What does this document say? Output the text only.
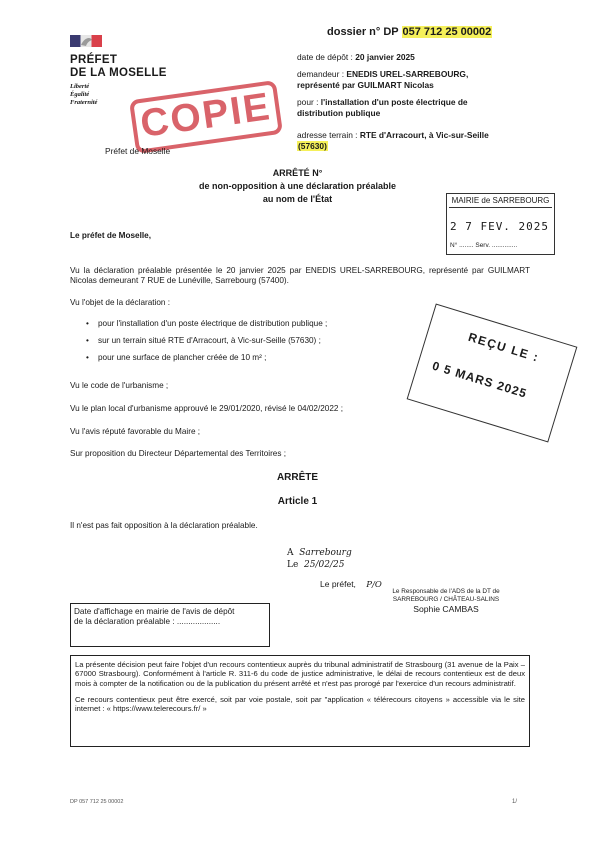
PRÉFET
DE LA MOSELLE
Liberté
Égalité
Fraternité
dossier n° DP 057 712 25 00002
date de dépôt : 20 janvier 2025
demandeur : ENEDIS UREL-SARREBOURG, représenté par GUILMART Nicolas
pour : l'installation d'un poste électrique de distribution publique
adresse terrain : RTE d'Arracourt, à Vic-sur-Seille
(57630)
COPIE
Préfet de Moselle
ARRÊTÉ N°
de non-opposition à une déclaration préalable
au nom de l'État	MAIRIE de SARREBOURG
2 7 FEV. 2025
N° ........ Serv. ..............
Le préfet de Moselle,
Vu la déclaration préalable présentée le 20 janvier 2025 par ENEDIS UREL-SARREBOURG, représenté par GUILMART Nicolas demeurant 7 RUE de Lunéville, Sarrebourg (57400).
Vu l'objet de la déclaration :
•    pour l'installation d'un poste électrique de distribution publique ;
•    sur un terrain situé RTE d'Arracourt, à Vic-sur-Seille (57630) ;
•    pour une surface de plancher créée de 10 m² ;	REÇU LE :
0 5 MARS 2025
Vu le code de l'urbanisme ;
Vu le plan local d'urbanisme approuvé le 29/01/2020, révisé le 04/02/2022 ;
Vu l'avis réputé favorable du Maire ;
Sur proposition du Directeur Départemental des Territoires ;
ARRÊTE
Article 1
Il n'est pas fait opposition à la déclaration préalable.
A Sarrebourg
Le 25/02/25
Le préfet, P/O
Le Responsable de l'ADS de la DT de SARREBOURG / CHÂTEAU-SALINS
Sophie CAMBAS
Date d'affichage en mairie de l'avis de dépôt
de la déclaration préalable : ...................

La présente décision peut faire l'objet d'un recours contentieux auprès du tribunal administratif de Strasbourg (31 avenue de la Paix – 67000 Strasbourg). Conformément à l'article R. 311-6 du code de justice administrative, le délai de recours contentieux est de deux mois à compter de la notification ou de la publication du présent arrêté et n'est pas prorogé par l'exercice d'un recours administratif.

Ce recours contentieux peut être exercé, soit par voie postale, soit par "application « télérecours citoyens » accessible via le site internet : « https://www.telerecours.fr/ »

DP 057 712 25 00002	1/
